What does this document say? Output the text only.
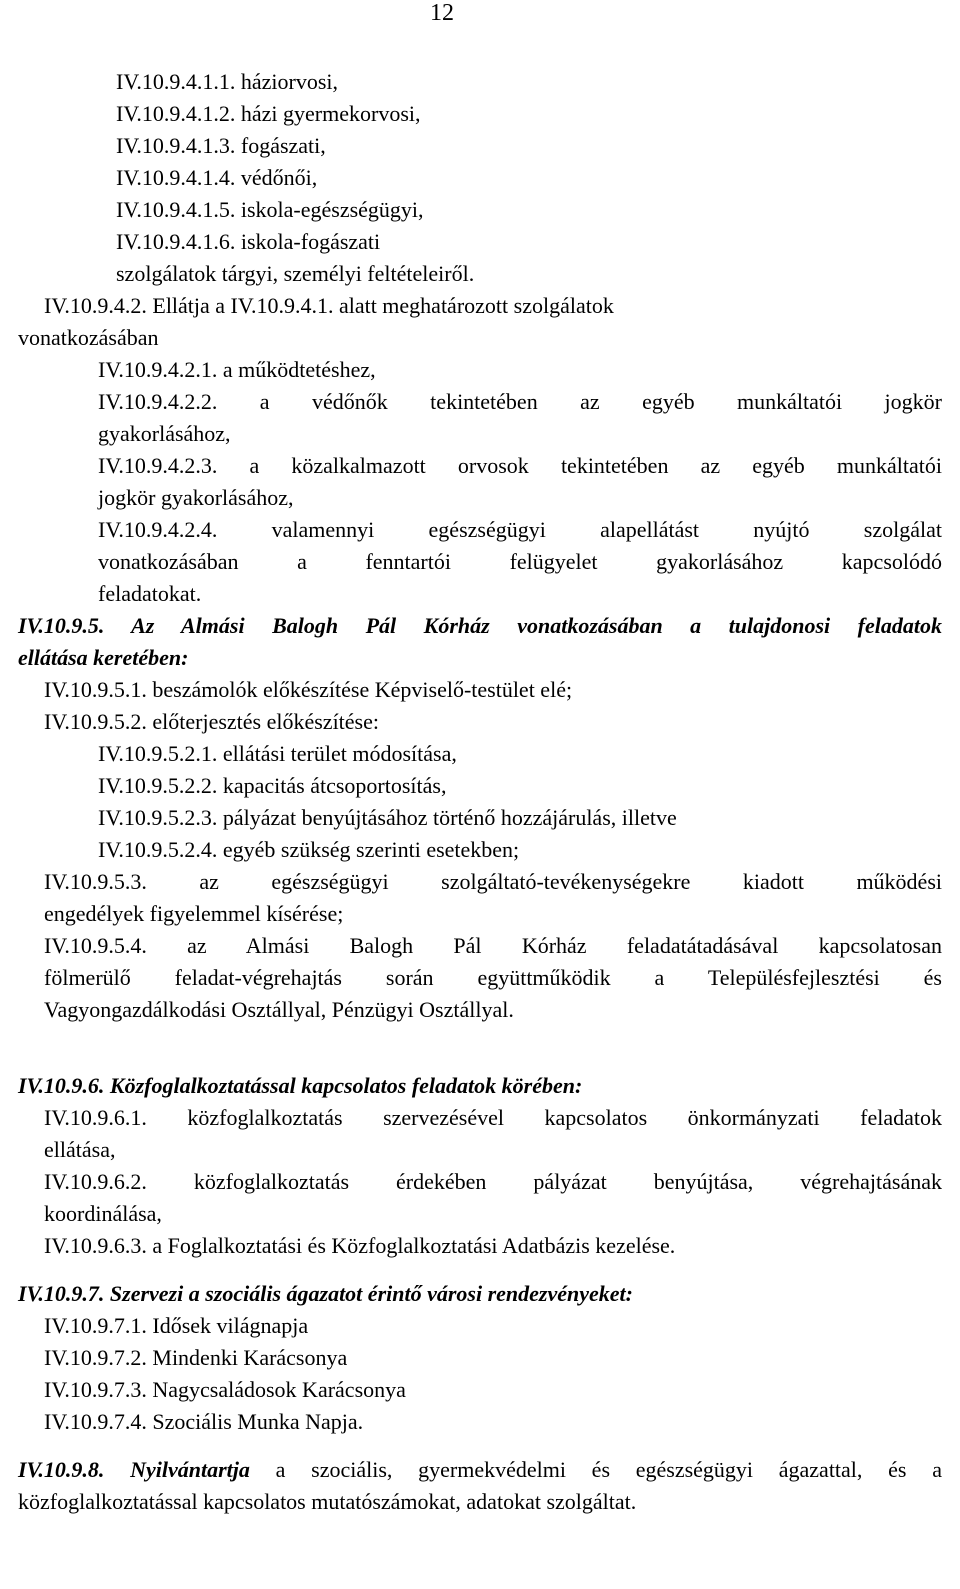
12
IV.10.9.4.1.1. háziorvosi,
IV.10.9.4.1.2. házi gyermekorvosi,
IV.10.9.4.1.3. fogászati,
IV.10.9.4.1.4. védőnői,
IV.10.9.4.1.5. iskola-egészségügyi,
IV.10.9.4.1.6. iskola-fogászati
szolgálatok tárgyi, személyi feltételeiről.
IV.10.9.4.2. Ellátja a IV.10.9.4.1. alatt meghatározott szolgálatok
vonatkozásában
IV.10.9.4.2.1. a működtetéshez,
IV.10.9.4.2.2. a védőnők tekintetében az egyéb munkáltatói jogkör
gyakorlásához,
IV.10.9.4.2.3. a közalkalmazott orvosok tekintetében az egyéb munkáltatói
jogkör gyakorlásához,
IV.10.9.4.2.4. valamennyi egészségügyi alapellátást nyújtó szolgálat
vonatkozásában a fenntartói felügyelet gyakorlásához kapcsolódó
feladatokat.
IV.10.9.5. Az Almási Balogh Pál Kórház vonatkozásában a tulajdonosi feladatok
ellátása keretében:
IV.10.9.5.1. beszámolók előkészítése Képviselő-testület elé;
IV.10.9.5.2. előterjesztés előkészítése:
IV.10.9.5.2.1. ellátási terület módosítása,
IV.10.9.5.2.2. kapacitás átcsoportosítás,
IV.10.9.5.2.3. pályázat benyújtásához történő hozzájárulás, illetve
IV.10.9.5.2.4. egyéb szükség szerinti esetekben;
IV.10.9.5.3. az egészségügyi szolgáltató-tevékenységekre kiadott működési
engedélyek figyelemmel kísérése;
IV.10.9.5.4. az Almási Balogh Pál Kórház feladatátadásával kapcsolatosan
fölmerülő feladat-végrehajtás során együttműködik a Településfejlesztési és
Vagyongazdálkodási Osztállyal, Pénzügyi Osztállyal.
IV.10.9.6. Közfoglalkoztatással kapcsolatos feladatok körében:
IV.10.9.6.1. közfoglalkoztatás szervezésével kapcsolatos önkormányzati feladatok
ellátása,
IV.10.9.6.2. közfoglalkoztatás érdekében pályázat benyújtása, végrehajtásának
koordinálása,
IV.10.9.6.3. a Foglalkoztatási és Közfoglalkoztatási Adatbázis kezelése.
IV.10.9.7. Szervezi a szociális ágazatot érintő városi rendezvényeket:
IV.10.9.7.1. Idősek világnapja
IV.10.9.7.2. Mindenki Karácsonya
IV.10.9.7.3. Nagycsaládosok Karácsonya
IV.10.9.7.4. Szociális Munka Napja.
IV.10.9.8. Nyilvántartja a szociális, gyermekvédelmi és egészségügyi ágazattal, és a
közfoglalkoztatással kapcsolatos mutatószámokat, adatokat szolgáltat.
